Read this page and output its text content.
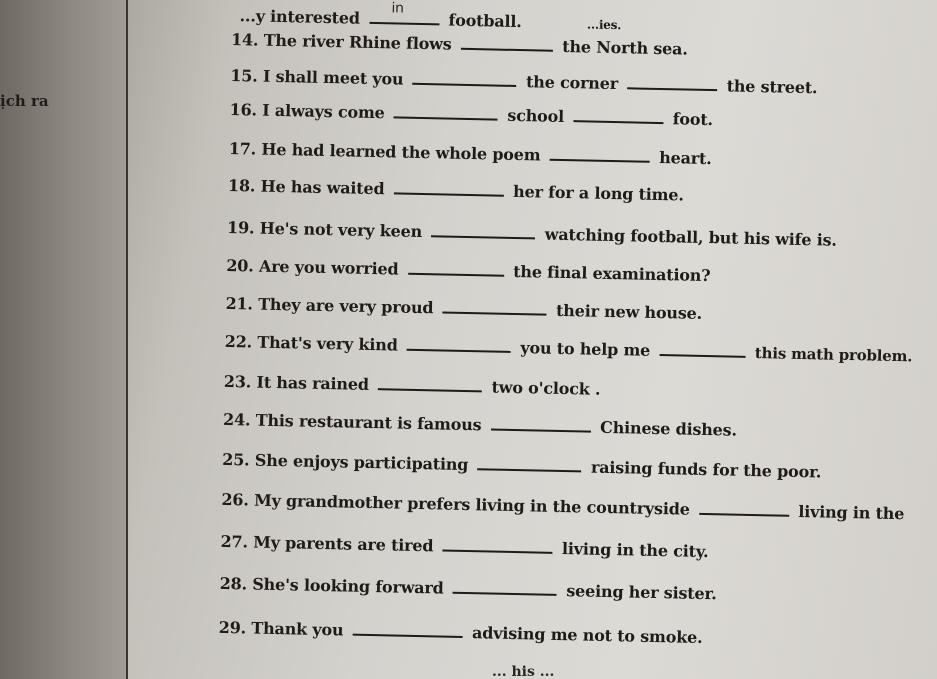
ịch ra
...y interested in
football.	...ies.
14. The river Rhine flows	the North sea.
15. I shall meet you	the corner	the street.
16. I always come	school	foot.
17. He had learned the whole poem	heart.
18. He has waited	her for a long time.
19. He's not very keen	watching football, but his wife is.
20. Are you worried	the final examination?
21. They are very proud	their new house.
22. That's very kind	you to help me	this math problem.
23. It has rained	two o'clock .
24. This restaurant is famous	Chinese dishes.
25. She enjoys participating	raising funds for the poor.
26. My grandmother prefers living in the countryside	living in the
27. My parents are tired	living in the city.
28. She's looking forward	seeing her sister.
29. Thank you	advising me not to smoke.
... his ...
